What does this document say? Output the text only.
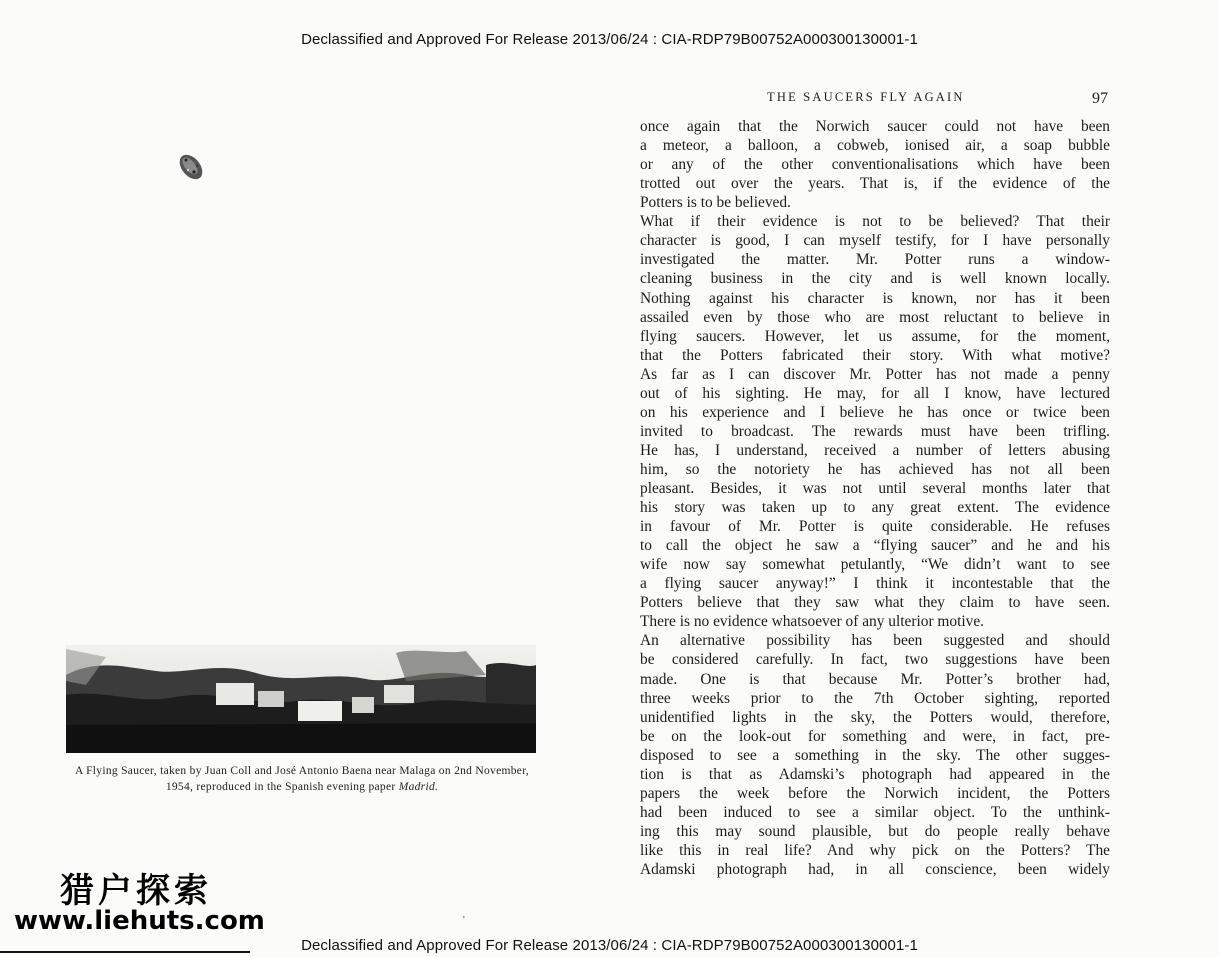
Declassified and Approved For Release 2013/06/24 : CIA-RDP79B00752A000300130001-1
A Flying Saucer, taken by Juan Coll and José Antonio Baena near Malaga on 2nd November, 1954, reproduced in the Spanish evening paper Madrid.
猎户探索
www.liehuts.com	'
THE SAUCERS FLY AGAIN	97
once again that the Norwich saucer could not have been
a meteor, a balloon, a cobweb, ionised air, a soap bubble
or any of the other conventionalisations which have been
trotted out over the years. That is, if the evidence of the
Potters is to be believed.
What if their evidence is not to be believed? That their
character is good, I can myself testify, for I have personally
investigated the matter. Mr. Potter runs a window-
cleaning business in the city and is well known locally.
Nothing against his character is known, nor has it been
assailed even by those who are most reluctant to believe in
flying saucers. However, let us assume, for the moment,
that the Potters fabricated their story. With what motive?
As far as I can discover Mr. Potter has not made a penny
out of his sighting. He may, for all I know, have lectured
on his experience and I believe he has once or twice been
invited to broadcast. The rewards must have been trifling.
He has, I understand, received a number of letters abusing
him, so the notoriety he has achieved has not all been
pleasant. Besides, it was not until several months later that
his story was taken up to any great extent. The evidence
in favour of Mr. Potter is quite considerable. He refuses
to call the object he saw a “flying saucer” and he and his
wife now say somewhat petulantly, “We didn’t want to see
a flying saucer anyway!” I think it incontestable that the
Potters believe that they saw what they claim to have seen.
There is no evidence whatsoever of any ulterior motive.
An alternative possibility has been suggested and should
be considered carefully. In fact, two suggestions have been
made. One is that because Mr. Potter’s brother had,
three weeks prior to the 7th October sighting, reported
unidentified lights in the sky, the Potters would, therefore,
be on the look-out for something and were, in fact, pre-
disposed to see a something in the sky. The other sugges-
tion is that as Adamski’s photograph had appeared in the
papers the week before the Norwich incident, the Potters
had been induced to see a similar object. To the unthink-
ing this may sound plausible, but do people really behave
like this in real life? And why pick on the Potters? The
Adamski photograph had, in all conscience, been widely
Declassified and Approved For Release 2013/06/24 : CIA-RDP79B00752A000300130001-1
